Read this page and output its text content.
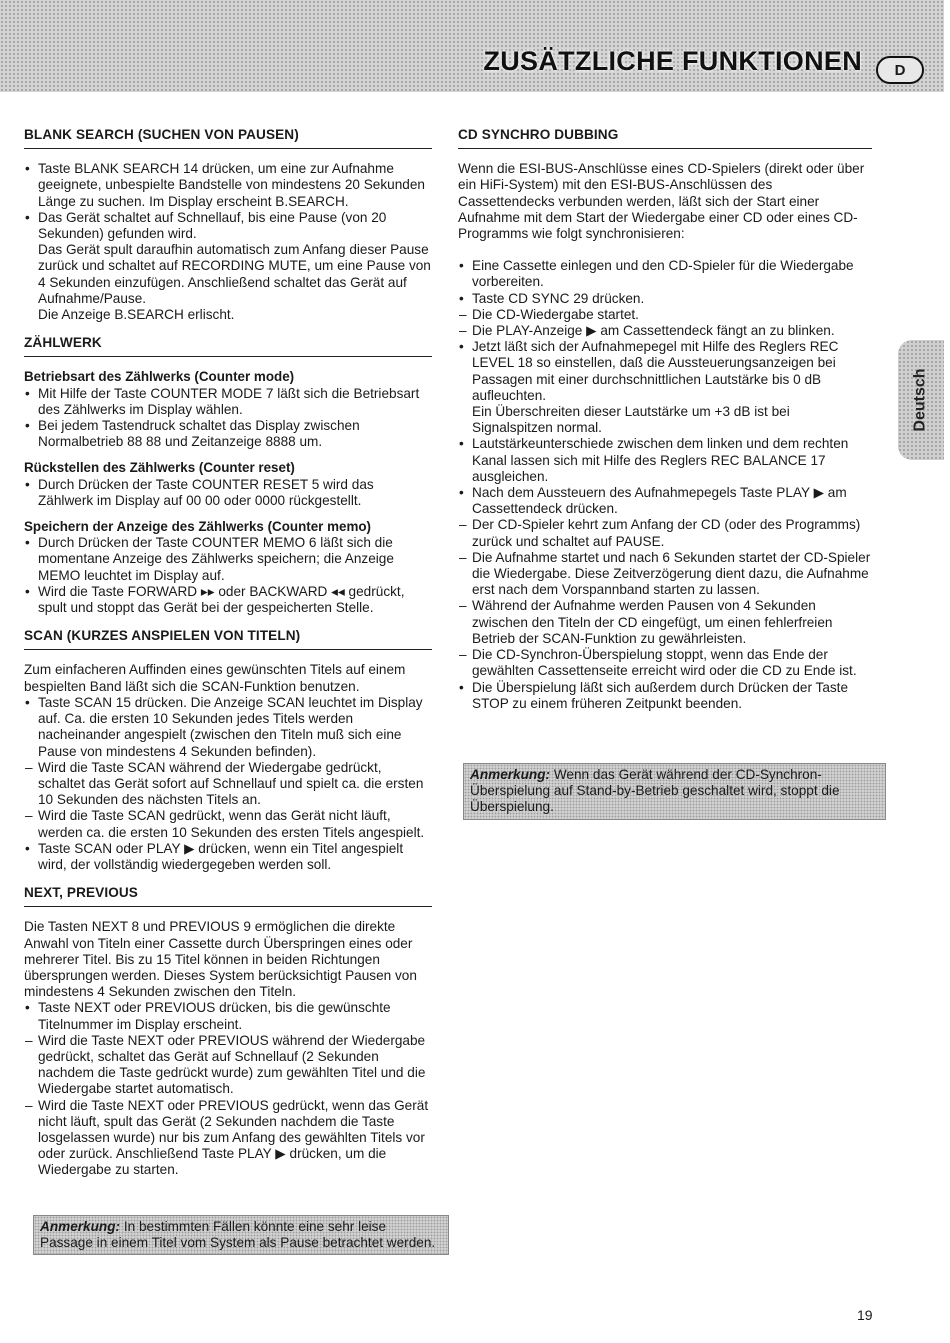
ZUSÄTZLICHE FUNKTIONEN	D
Deutsch
BLANK SEARCH (SUCHEN VON PAUSEN)
• Taste BLANK SEARCH 14 drücken, um eine zur Aufnahme geeignete, unbespielte Bandstelle von mindestens 20 Sekunden Länge zu suchen. Im Display erscheint B.SEARCH.
• Das Gerät schaltet auf Schnellauf, bis eine Pause (von 20 Sekunden) gefunden wird.
Das Gerät spult daraufhin automatisch zum Anfang dieser Pause zurück und schaltet auf RECORDING MUTE, um eine Pause von 4 Sekunden einzufügen. Anschließend schaltet das Gerät auf Aufnahme/Pause.
Die Anzeige B.SEARCH erlischt.
ZÄHLWERK
Betriebsart des Zählwerks (Counter mode)
• Mit Hilfe der Taste COUNTER MODE 7 läßt sich die Betriebsart des Zählwerks im Display wählen.
• Bei jedem Tastendruck schaltet das Display zwischen Normalbetrieb 88 88 und Zeitanzeige 8888 um.
Rückstellen des Zählwerks (Counter reset)
• Durch Drücken der Taste COUNTER RESET 5 wird das Zählwerk im Display auf 00 00 oder 0000 rückgestellt.
Speichern der Anzeige des Zählwerks (Counter memo)
• Durch Drücken der Taste COUNTER MEMO 6 läßt sich die momentane Anzeige des Zählwerks speichern; die Anzeige MEMO leuchtet im Display auf.
• Wird die Taste FORWARD ▸▸ oder BACKWARD ◂◂ gedrückt, spult und stoppt das Gerät bei der gespeicherten Stelle.
SCAN (KURZES ANSPIELEN VON TITELN)

Zum einfacheren Auffinden eines gewünschten Titels auf einem bespielten Band läßt sich die SCAN-Funktion benutzen.

• Taste SCAN 15 drücken. Die Anzeige SCAN leuchtet im Display auf. Ca. die ersten 10 Sekunden jedes Titels werden nacheinander angespielt (zwischen den Titeln muß sich eine Pause von mindestens 4 Sekunden befinden).
– Wird die Taste SCAN während der Wiedergabe gedrückt, schaltet das Gerät sofort auf Schnellauf und spielt ca. die ersten 10 Sekunden des nächsten Titels an.
– Wird die Taste SCAN gedrückt, wenn das Gerät nicht läuft, werden ca. die ersten 10 Sekunden des ersten Titels angespielt.
• Taste SCAN oder PLAY ▶ drücken, wenn ein Titel angespielt wird, der vollständig wiedergegeben werden soll.
NEXT, PREVIOUS

Die Tasten NEXT 8 und PREVIOUS 9 ermöglichen die direkte Anwahl von Titeln einer Cassette durch Überspringen eines oder mehrerer Titel. Bis zu 15 Titel können in beiden Richtungen übersprungen werden. Dieses System berücksichtigt Pausen von mindestens 4 Sekunden zwischen den Titeln.

• Taste NEXT oder PREVIOUS drücken, bis die gewünschte Titelnummer im Display erscheint.
– Wird die Taste NEXT oder PREVIOUS während der Wiedergabe gedrückt, schaltet das Gerät auf Schnellauf (2 Sekunden nachdem die Taste gedrückt wurde) zum gewählten Titel und die Wiedergabe startet automatisch.
– Wird die Taste NEXT oder PREVIOUS gedrückt, wenn das Gerät nicht läuft, spult das Gerät (2 Sekunden nachdem die Taste losgelassen wurde) nur bis zum Anfang des gewählten Titels vor oder zurück. Anschließend Taste PLAY ▶ drücken, um die Wiedergabe zu starten.
Anmerkung: In bestimmten Fällen könnte eine sehr leise Passage in einem Titel vom System als Pause betrachtet werden.
CD SYNCHRO DUBBING

Wenn die ESI-BUS-Anschlüsse eines CD-Spielers (direkt oder über ein HiFi-System) mit den ESI-BUS-Anschlüssen des Cassettendecks verbunden werden, läßt sich der Start einer Aufnahme mit dem Start der Wiedergabe einer CD oder eines CD-Programms wie folgt synchronisieren:

• Eine Cassette einlegen und den CD-Spieler für die Wiedergabe vorbereiten.
• Taste CD SYNC 29 drücken.
– Die CD-Wiedergabe startet.
– Die PLAY-Anzeige ▶ am Cassettendeck fängt an zu blinken.
• Jetzt läßt sich der Aufnahmepegel mit Hilfe des Reglers REC LEVEL 18 so einstellen, daß die Aussteuerungsanzeigen bei Passagen mit einer durchschnittlichen Lautstärke bis 0 dB aufleuchten.
Ein Überschreiten dieser Lautstärke um +3 dB ist bei Signalspitzen normal.
• Lautstärkeunterschiede zwischen dem linken und dem rechten Kanal lassen sich mit Hilfe des Reglers REC BALANCE 17 ausgleichen.
• Nach dem Aussteuern des Aufnahmepegels Taste PLAY ▶ am Cassettendeck drücken.
– Der CD-Spieler kehrt zum Anfang der CD (oder des Programms) zurück und schaltet auf PAUSE.
– Die Aufnahme startet und nach 6 Sekunden startet der CD-Spieler die Wiedergabe. Diese Zeitverzögerung dient dazu, die Aufnahme erst nach dem Vorspannband starten zu lassen.
– Während der Aufnahme werden Pausen von 4 Sekunden zwischen den Titeln der CD eingefügt, um einen fehlerfreien Betrieb der SCAN-Funktion zu gewährleisten.
– Die CD-Synchron-Überspielung stoppt, wenn das Ende der gewählten Cassettenseite erreicht wird oder die CD zu Ende ist.
• Die Überspielung läßt sich außerdem durch Drücken der Taste STOP zu einem früheren Zeitpunkt beenden.
Anmerkung: Wenn das Gerät während der CD-Synchron-Überspielung auf Stand-by-Betrieb geschaltet wird, stoppt die Überspielung.
19
